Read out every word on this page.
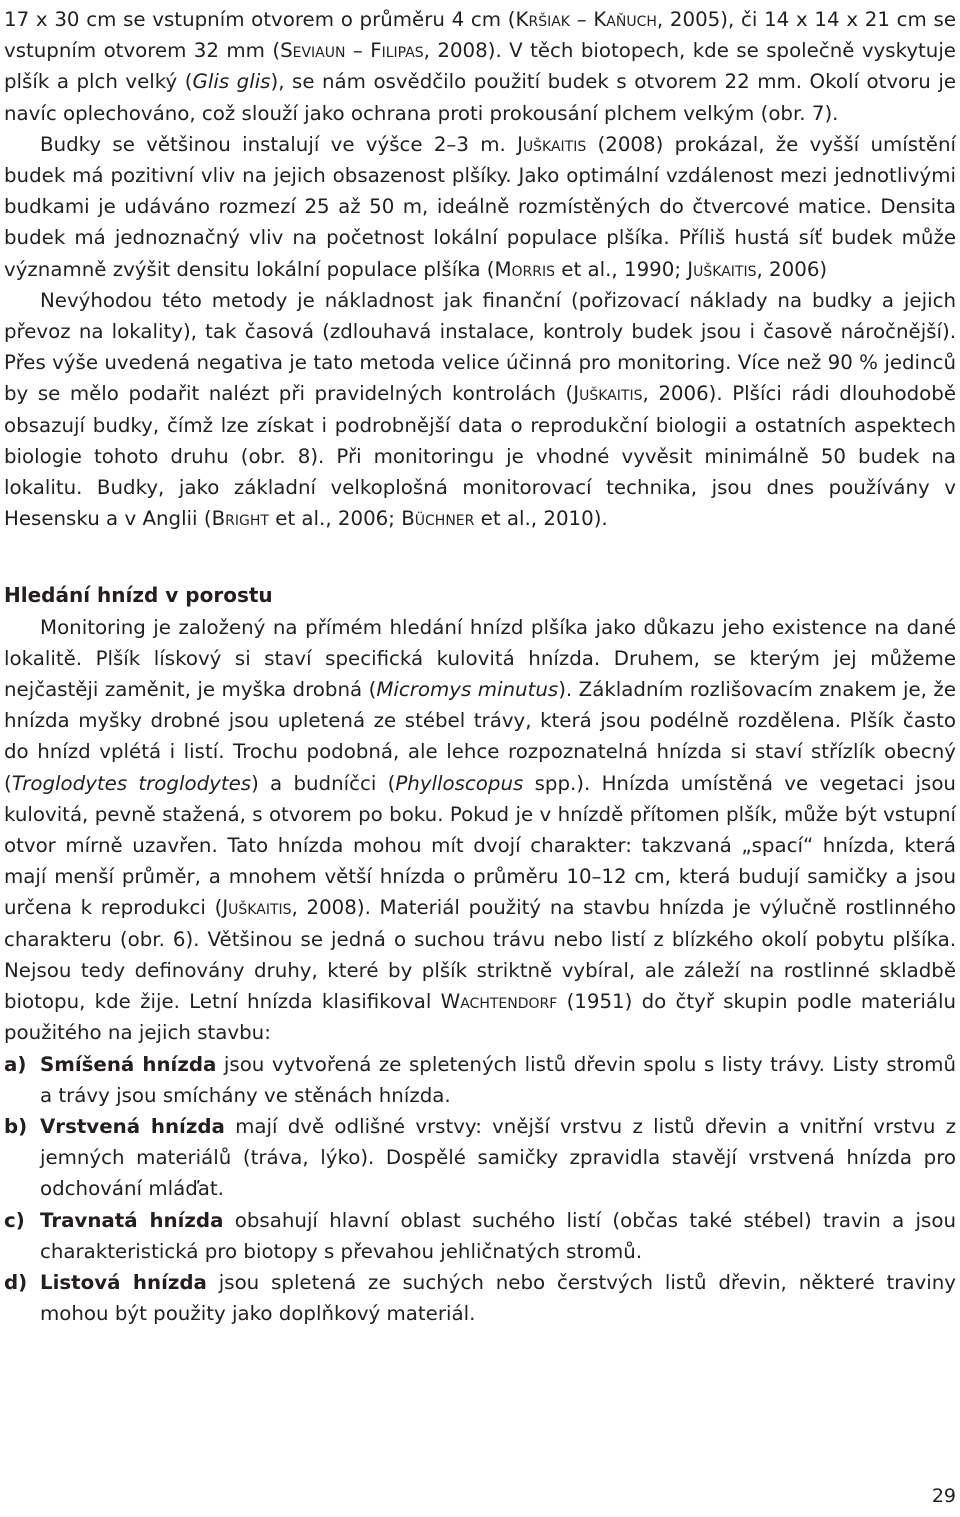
17 x 30 cm se vstupním otvorem o průměru 4 cm (Kršiak – Kaňuch, 2005), či 14 x 14 x 21 cm se vstupním otvorem 32 mm (Seviaun – Filipas, 2008). V těch biotopech, kde se společně vyskytuje plšík a plch velký (Glis glis), se nám osvědčilo použití budek s otvorem 22 mm. Okolí otvoru je navíc oplechováno, což slouží jako ochrana proti prokousání plchem velkým (obr. 7).

Budky se většinou instalují ve výšce 2–3 m. Juškaitis (2008) prokázal, že vyšší umístění budek má pozitivní vliv na jejich obsazenost plšíky. Jako optimální vzdálenost mezi jednotlivými budkami je udáváno rozmezí 25 až 50 m, ideálně rozmístěných do čtvercové matice. Densita budek má jednoznačný vliv na početnost lokální populace plšíka. Příliš hustá síť budek může významně zvýšit densitu lokální populace plšíka (Morris et al., 1990; Juškaitis, 2006)

Nevýhodou této metody je nákladnost jak finanční (pořizovací náklady na budky a jejich převoz na lokality), tak časová (zdlouhavá instalace, kontroly budek jsou i časově náročnější). Přes výše uvedená negativa je tato metoda velice účinná pro monitoring. Více než 90 % jedinců by se mělo podařit nalézt při pravidelných kontrolách (Juškaitis, 2006). Plšíci rádi dlouhodobě obsazují budky, čímž lze získat i podrobnější data o reprodukční biologii a ostatních aspektech biologie tohoto druhu (obr. 8). Při monitoringu je vhodné vyvěsit minimálně 50 budek na lokalitu. Budky, jako základní velkoplošná monitorovací technika, jsou dnes používány v Hesensku a v Anglii (Bright et al., 2006; Büchner et al., 2010).

Hledání hnízd v porostu

Monitoring je založený na přímém hledání hnízd plšíka jako důkazu jeho existence na dané lokalitě. Plšík lískový si staví specifická kulovitá hnízda. Druhem, se kterým jej můžeme nejčastěji zaměnit, je myška drobná (Micromys minutus). Základním rozlišovacím znakem je, že hnízda myšky drobné jsou upletená ze stébel trávy, která jsou podélně rozdělena. Plšík často do hnízd vplétá i listí. Trochu podobná, ale lehce rozpoznatelná hnízda si staví střízlík obecný (Troglodytes troglodytes) a budníčci (Phylloscopus spp.). Hnízda umístěná ve vegetaci jsou kulovitá, pevně stažená, s otvorem po boku. Pokud je v hnízdě přítomen plšík, může být vstupní otvor mírně uzavřen. Tato hnízda mohou mít dvojí charakter: takzvaná „spací“ hnízda, která mají menší průměr, a mnohem větší hnízda o průměru 10–12 cm, která budují samičky a jsou určena k reprodukci (Juškaitis, 2008). Materiál použitý na stavbu hnízda je výlučně rostlinného charakteru (obr. 6). Většinou se jedná o suchou trávu nebo listí z blízkého okolí pobytu plšíka. Nejsou tedy definovány druhy, které by plšík striktně vybíral, ale záleží na rostlinné skladbě biotopu, kde žije. Letní hnízda klasifikoval Wachtendorf (1951) do čtyř skupin podle materiálu použitého na jejich stavbu:

a) Smíšená hnízda jsou vytvořená ze spletených listů dřevin spolu s listy trávy. Listy stromů a trávy jsou smíchány ve stěnách hnízda.
b) Vrstvená hnízda mají dvě odlišné vrstvy: vnější vrstvu z listů dřevin a vnitřní vrstvu z jemných materiálů (tráva, lýko). Dospělé samičky zpravidla stavějí vrstvená hnízda pro odchování mláďat.
c) Travnatá hnízda obsahují hlavní oblast suchého listí (občas také stébel) travin a jsou charakteristická pro biotopy s převahou jehličnatých stromů.
d) Listová hnízda jsou spletená ze suchých nebo čerstvých listů dřevin, některé traviny mohou být použity jako doplňkový materiál.
29
